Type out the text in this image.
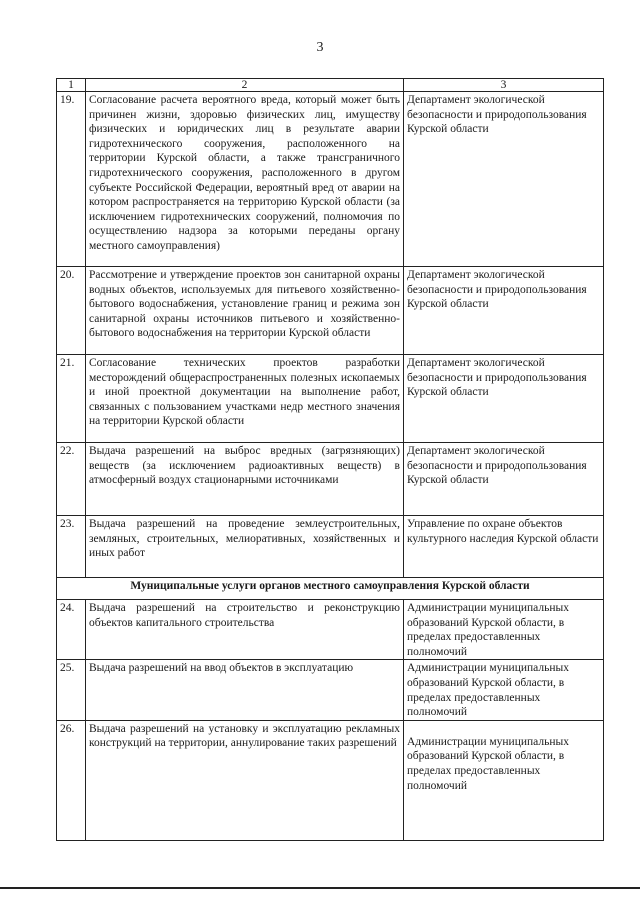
3
1	2	3
19.	Согласование расчета вероятного вреда, который может быть причинен жизни, здоровью физических лиц, имуществу физических и юридических лиц в результате аварии гидротехнического сооружения, расположенного на территории Курской области, а также трансграничного гидротехнического сооружения, расположенного в другом субъекте Российской Федерации, вероятный вред от аварии на котором распространяется на территорию Курской области (за исключением гидротехнических сооружений, полномочия по осуществлению надзора за которыми переданы органу местного самоуправления)	Департамент экологической безопасности и природопользования Курской области
20.	Рассмотрение и утверждение проектов зон санитарной охраны водных объектов, используемых для питьевого хозяйственно-бытового водоснабжения, установление границ и режима зон санитарной охраны источников питьевого и хозяйственно-бытового водоснабжения на территории Курской области	Департамент экологической безопасности и природопользования Курской области
21.	Согласование технических проектов разработки месторождений общераспространенных полезных ископаемых и иной проектной документации на выполнение работ, связанных с пользованием участками недр местного значения на территории Курской области	Департамент экологической безопасности и природопользования Курской области
22.	Выдача разрешений на выброс вредных (загрязняющих) веществ (за исключением радиоактивных веществ) в атмосферный воздух стационарными источниками	Департамент экологической безопасности и природопользования Курской области
23.	Выдача разрешений на проведение землеустроительных, земляных, строительных, мелиоративных, хозяйственных и иных работ	Управление по охране объектов культурного наследия Курской области
Муниципальные услуги органов местного самоуправления Курской области		
24.	Выдача разрешений на строительство и реконструкцию объектов капитального строительства	Администрации муниципальных образований Курской области, в пределах предоставленных полномочий
25.	Выдача разрешений на ввод объектов в эксплуатацию	Администрации муниципальных образований Курской области, в пределах предоставленных полномочий
26.	Выдача разрешений на установку и эксплуатацию рекламных конструкций на территории, аннулирование таких разрешений	Администрации муниципальных образований Курской области, в пределах предоставленных полномочий
